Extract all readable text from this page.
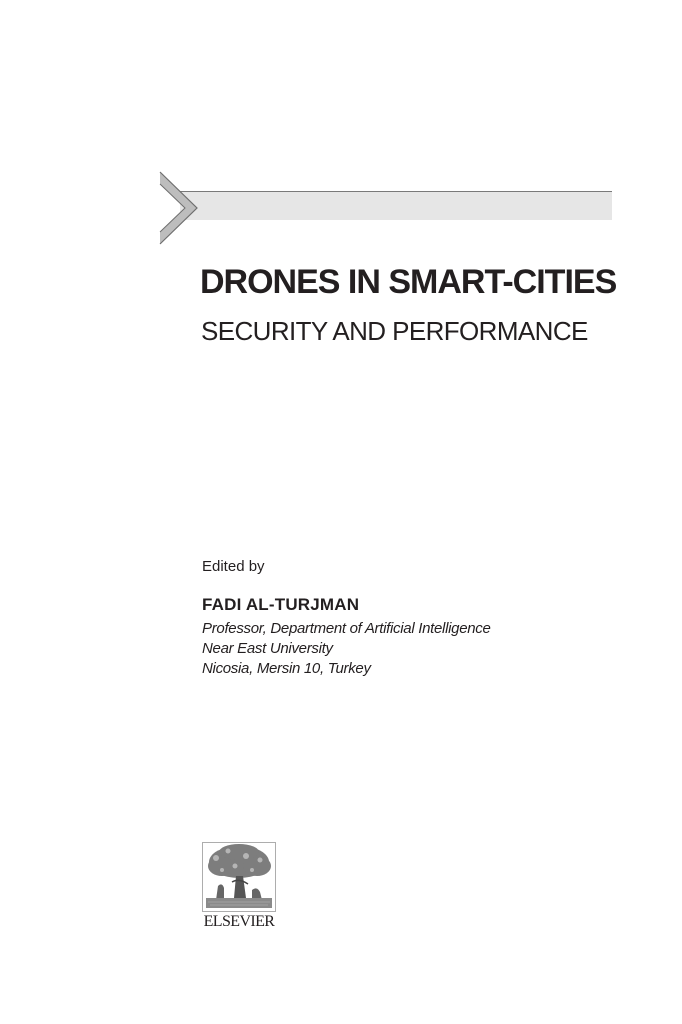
DRONES IN SMART-CITIES
SECURITY AND PERFORMANCE
Edited by
FADI AL-TURJMAN
Professor, Department of Artificial Intelligence
Near East University
Nicosia, Mersin 10, Turkey
ELSEVIER
